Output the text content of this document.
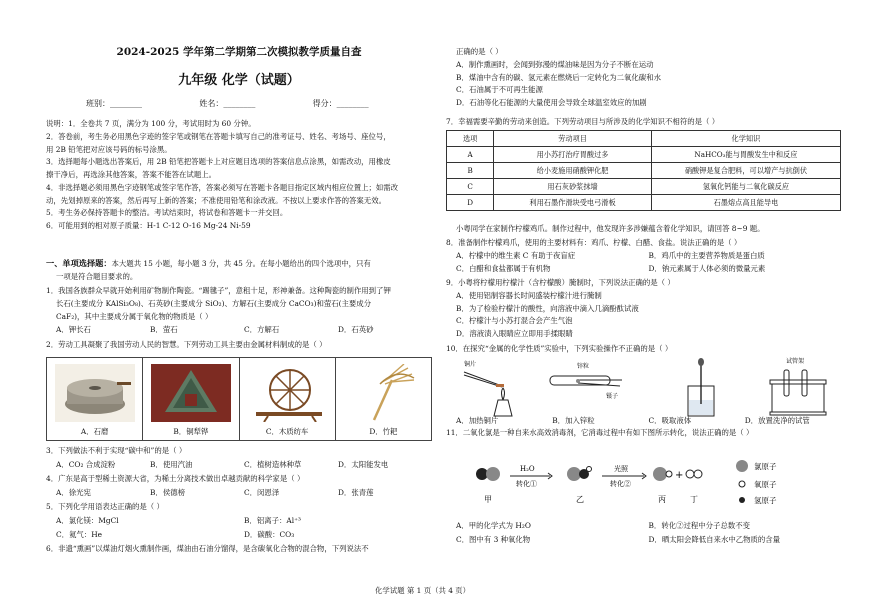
2024-2025 学年第二学期第二次模拟教学质量自查
九年级 化学（试题）
班别：________	姓名：________	得分：________
说明：1．全卷共 7 页，满分为 100 分，考试用时为 60 分钟。
2．答卷前，考生务必用黑色字迹的签字笔或钢笔在答题卡填写自己的准考证号、姓名、考场号、座位号，
用 2B 铅笔把对应该号码的标号涂黑。
3．选择题每小题选出答案后，用 2B 铅笔把答题卡上对应题目选项的答案信息点涂黑，如需改动，用橡皮
擦干净后，再选涂其他答案，答案不能答在试题上。
4．非选择题必须用黑色字迹钢笔或签字笔作答，答案必须写在答题卡各题目指定区域内相应位置上；如需改
动，先划掉原来的答案，然后再写上新的答案；不准使用铅笔和涂改液。不按以上要求作答的答案无效。
5．考生务必保持答题卡的整洁。考试结束时，将试卷和答题卡一并交回。
6．可能用到的相对原子质量：H-1 C-12 O-16 Mg-24 Ni-59
一、单项选择题：本大题共 15 小题，每小题 3 分，共 45 分。在每小题给出的四个选项中，只有
一项是符合题目要求的。
1．我国各族群众早就开始利用矿物制作陶瓷。“踢毽子”，意租十足，形神兼备。这种陶瓷的制作用到了钾
长石(主要成分 KAlSi₃O₈)、石英砂(主要成分 SiO₂)、方解石(主要成分 CaCO₃)和萤石(主要成分
CaF₂)，其中主要成分属于氧化物的物质是（ ）
A．钾长石	B．萤石	C．方解石	D．石英砂
2．劳动工具凝聚了我国劳动人民的智慧。下列劳动工具主要由金属材料制成的是（ ）
A．石磨	B．铜犁铧	C．木质纺车	D．竹耙
3．下列做法不利于实现“碳中和”的是（ ）
A．CO₂ 合成淀粉	B．使用汽油	C．植树造林种草	D．太阳能发电
4．广东是高于型稀土资源大省，为稀土分离技术做出卓越贡献的科学家是（ ）
A．徐光宪	B．侯德榜	C．闵恩泽	D．张青莲
5．下列化学用语表达正确的是（ ）
A．氯化镁：MgCl	B．铝离子：Al⁺³
C．氦气：He	D．碳酸：CO₃
6．非遗“熏画”以煤油灯烟火熏制作画，煤油由石油分馏得，是含碳氧化合物的混合物，下列说法不
正确的是（ ）
A．制作熏画时，会闻到弥漫的煤油味是因为分子不断在运动
B．煤油中含有的碳、氢元素在燃烧后一定转化为二氧化碳和水
C．石油属于不可再生能源
D．石油等化石能源的大量使用会导致全球温室效应的加剧
7．幸福需要辛勤的劳动来创造。下列劳动项目与所涉及的化学知识不相符的是（ ）
选项	劳动项目	化学知识
A	用小苏打治疗胃酸过多	NaHCO₃能与胃酸发生中和反应
B	给小麦施用硝酸钾化肥	硝酸钾是复合肥料，可以增产与抗倒伏
C	用石灰砂浆抹墙	氢氧化钙能与二氧化碳反应
D	利用石墨作滑块受电弓滑板	石墨熔点高且能导电
小粤同学在家制作柠檬鸡爪。制作过程中，他发现许多涉嫌蕴含着化学知识，请回答 8~9 题。
8．准备制作柠檬鸡爪，使用的主要材料有：鸡爪、柠檬、白醋、食盐。说法正确的是（ ）
A．柠檬中的维生素 C 有助于夜盲症	B．鸡爪中的主要营养物质是蛋白质
C．白醋和食盐都属于有机物	D．钠元素属于人体必须的微量元素
9．小粤将柠檬用柠檬汁（含柠檬酸）腌制时，下列说法正确的是（ ）
A．使用铝制容器长时间盛装柠檬汁进行腌制
B．为了检验柠檬汁的酸性，向溶液中滴入几滴酚酞试液
C．柠檬汁与小苏打混合会产生气泡
D．溶液渍入眼睛应立即用手揉眼睛
10．在探究“金属的化学性质”实验中，下列实验操作不正确的是（ ）
铜片	锌粒
镊子
试管架
A．加热铜片	B．加入锌粒	C．吸取液体	D．放置洗净的试管
11．二氧化氯是一种自来水高效消毒剂，它消毒过程中有如下图所示转化，说法正确的是（ ）
H₂O
转化①
光照
转化②
+
甲	乙	丙	丁
氯原子
氧原子
氢原子
A．甲的化学式为 H₂O	B．转化②过程中分子总数不变
C．图中有 3 种氧化物	D．晒太阳会降低自来水中乙物质的含量
化学试题 第 1 页（共 4 页）
